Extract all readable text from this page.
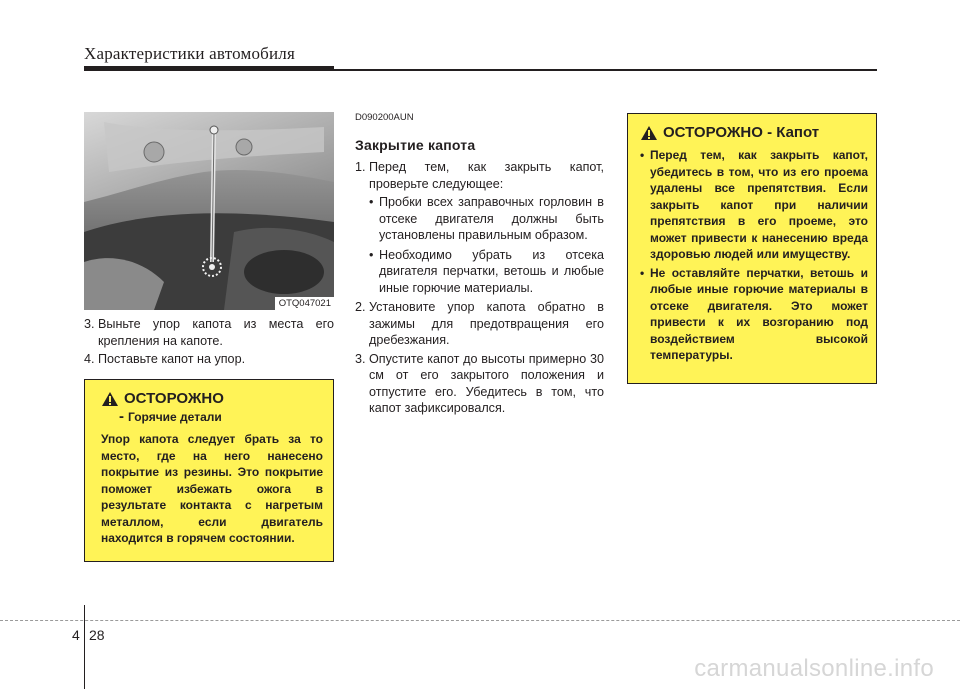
Характеристики автомобиля
OTQ047021
3. Выньте упор капота из места его крепления на капоте.
4. Поставьте капот на упор.
ОСТОРОЖНО
- Горячие детали
Упор капота следует брать за то место, где на него нанесено покрытие из резины. Это покрытие поможет избежать ожога в результате контакта с нагретым металлом, если двигатель находится в горячем состоянии.
D090200AUN
Закрытие капота
1. Перед тем, как закрыть капот, проверьте следующее:
• Пробки всех заправочных горловин в отсеке двигателя должны быть установлены правильным образом.
• Необходимо убрать из отсека двигателя перчатки, ветошь и любые иные горючие материалы.
2. Установите упор капота обратно в зажимы для предотвращения его дребезжания.
3. Опустите капот до высоты примерно 30 см от его закрытого положения и отпустите его. Убедитесь в том, что капот зафиксировался.
ОСТОРОЖНО - Капот
• Перед тем, как закрыть капот, убедитесь в том, что из его проема удалены все препятствия. Если закрыть капот при наличии препятствия в его проеме, это может привести к нанесению вреда здоровью людей или имуществу.
• Не оставляйте перчатки, ветошь и любые иные горючие материалы в отсеке двигателя. Это может привести к их возгоранию под воздействием высокой температуры.
4 28
carmanualsonline.info
